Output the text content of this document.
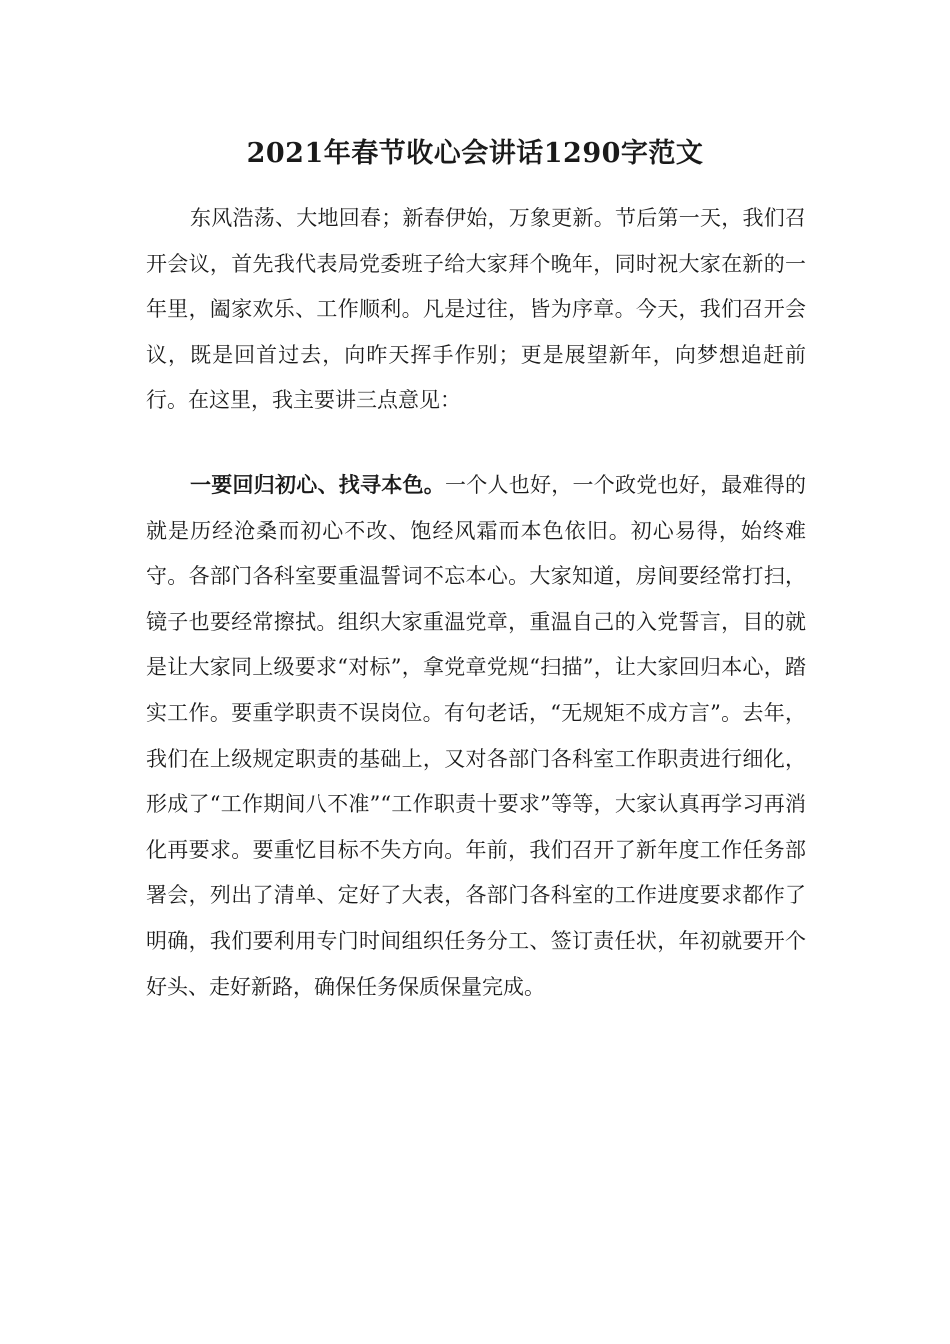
2021年春节收心会讲话1290字范文

东风浩荡、大地回春；新春伊始，万象更新。节后第一天，我们召开会议，首先我代表局党委班子给大家拜个晚年，同时祝大家在新的一年里，阖家欢乐、工作顺利。凡是过往，皆为序章。今天，我们召开会议，既是回首过去，向昨天挥手作别；更是展望新年，向梦想追赶前行。在这里，我主要讲三点意见：

一要回归初心、找寻本色。一个人也好，一个政党也好，最难得的就是历经沧桑而初心不改、饱经风霜而本色依旧。初心易得，始终难守。各部门各科室要重温誓词不忘本心。大家知道，房间要经常打扫，镜子也要经常擦拭。组织大家重温党章，重温自己的入党誓言，目的就是让大家同上级要求“对标”，拿党章党规“扫描”，让大家回归本心，踏实工作。要重学职责不误岗位。有句老话，“无规矩不成方言”。去年，我们在上级规定职责的基础上，又对各部门各科室工作职责进行细化，形成了“工作期间八不准”“工作职责十要求”等等，大家认真再学习再消化再要求。要重忆目标不失方向。年前，我们召开了新年度工作任务部署会，列出了清单、定好了大表，各部门各科室的工作进度要求都作了明确，我们要利用专门时间组织任务分工、签订责任状，年初就要开个好头、走好新路，确保任务保质保量完成。
